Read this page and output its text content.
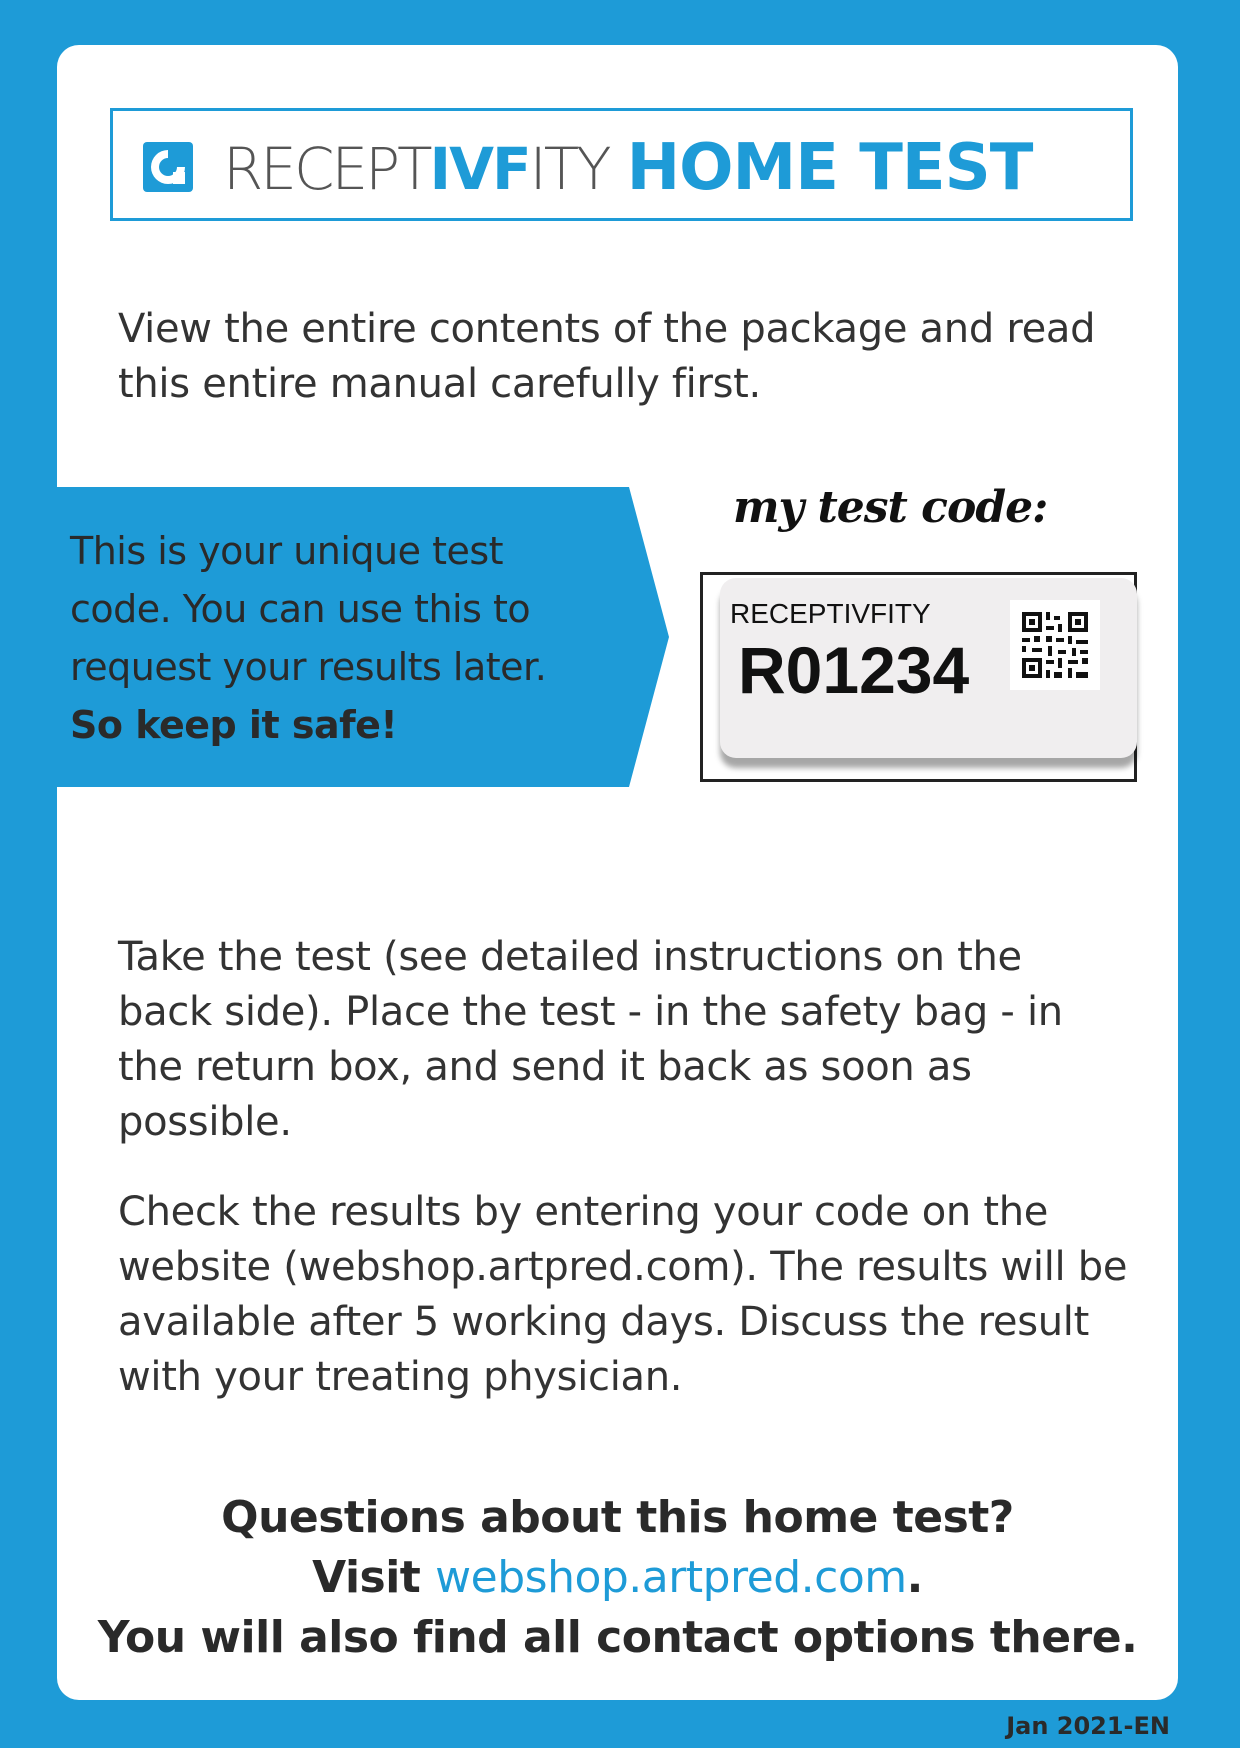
RECEPTIVFITY HOME TEST
View the entire contents of the package and read this entire manual carefully first.
This is your unique test code. You can use this to request your results later.
So keep it safe!
my test code:
RECEPTIVFITY
R01234
Take the test (see detailed instructions on the back side). Place the test - in the safety bag - in the return box, and send it back as soon as possible.
Check the results by entering your code on the website (webshop.artpred.com). The results will be available after 5 working days. Discuss the result with your treating physician.
Questions about this home test?
Visit webshop.artpred.com.
You will also find all contact options there.
Jan 2021-EN
